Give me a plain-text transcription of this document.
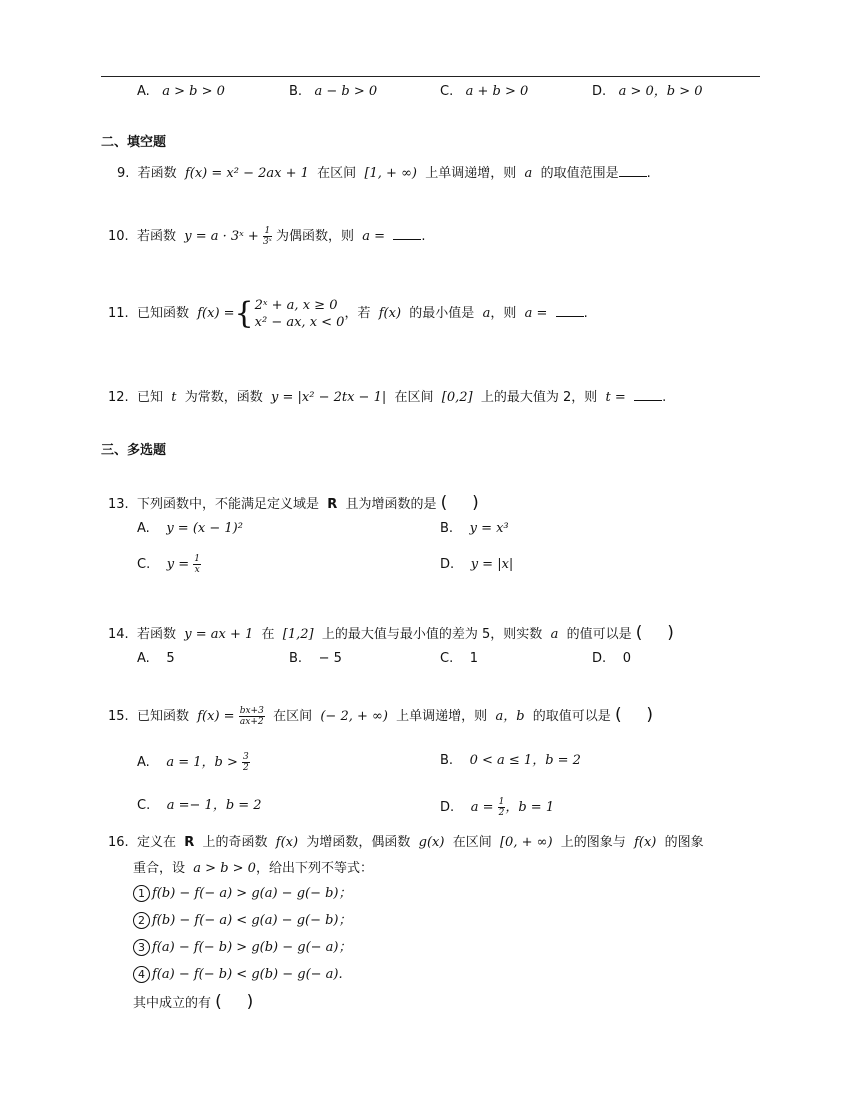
A. a > b > 0	B. a − b > 0	C. a + b > 0	D. a > 0，b > 0
二、填空题
9. 若函数 f(x) = x² − 2ax + 1 在区间 [1, + ∞) 上单调递增，则 a 的取值范围是 .
10. 若函数 y = a · 3ˣ + $\frac{1}{\text{3ˣ}}$ 为偶函数，则 a =	.
11. 已知函数 f(x) ={ 2ˣ + a, x ≥ 0
x² − ax, x < 0
，若 f(x) 的最小值是 a，则 a =	.
12. 已知 t 为常数，函数 y = |x² − 2tx − 1| 在区间 [0,2] 上的最大值为 2，则 t =	.
三、多选题
13. 下列函数中，不能满足定义域是 R 且为增函数的是 ( )
A. y = (x − 1)²	B. y = x³
C. $y = \frac{1}{x}$	D. y = |x|
14. 若函数 y = ax + 1 在 [1,2] 上的最大值与最小值的差为 5，则实数 a 的值可以是 ( )
A. 5	B. − 5	C. 1	D. 0
15. 已知函数 $f(x) = \frac{bx+3}{ax+2}$ 在区间 (− 2, + ∞) 上单调递增，则 a，b 的取值可以是 ( )
A. a = 1，$b > \frac{3}{2}$	B. 0 < a ≤ 1，b = 2
C. a =− 1，b = 2	D. $a = \frac{1}{2}$ ，b = 1
16. 定义在 R 上的奇函数 f(x) 为增函数，偶函数 g(x) 在区间 [0, + ∞) 上的图象与 f(x) 的图象
重合，设 a > b > 0，给出下列不等式：
1 f(b) − f(− a) > g(a) − g(− b)；
2 f(b) − f(− a) < g(a) − g(− b)；
3 f(a) − f(− b) > g(b) − g(− a)；
4 f(a) − f(− b) < g(b) − g(− a).
其中成立的有 ( )
